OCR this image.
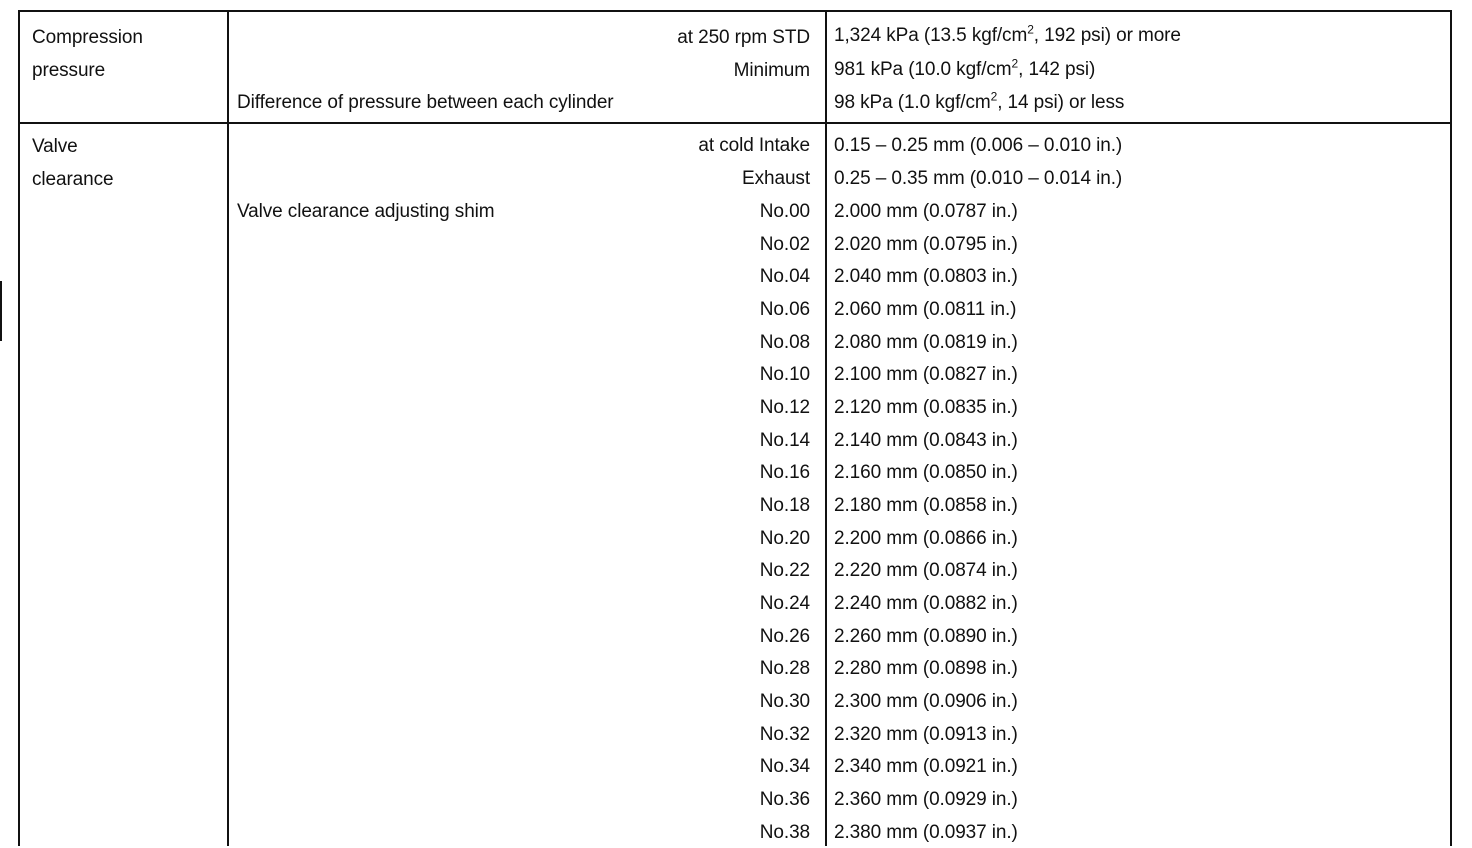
Compression
pressure
at 250 rpm STD
Minimum
Difference of pressure between each cylinder
1,324 kPa (13.5 kgf/$cm^2$, 192 psi) or more
981 kPa (10.0 kgf/$cm^2$, 142 psi)
98 kPa (1.0 kgf/$cm^2$, 14 psi) or less
Valve
clearance
at cold Intake
Exhaust
0.15 – 0.25 mm (0.006 – 0.010 in.)
0.25 – 0.35 mm (0.010 – 0.014 in.)
Valve clearance adjusting shim	No.00 2.000 mm (0.0787 in.)
No.02 2.020 mm (0.0795 in.)
No.04 2.040 mm (0.0803 in.)
No.06 2.060 mm (0.0811 in.)
No.08 2.080 mm (0.0819 in.)
No.10 2.100 mm (0.0827 in.)
No.12 2.120 mm (0.0835 in.)
No.14 2.140 mm (0.0843 in.)
No.16 2.160 mm (0.0850 in.)
No.18 2.180 mm (0.0858 in.)
No.20 2.200 mm (0.0866 in.)
No.22 2.220 mm (0.0874 in.)
No.24 2.240 mm (0.0882 in.)
No.26 2.260 mm (0.0890 in.)
No.28 2.280 mm (0.0898 in.)
No.30 2.300 mm (0.0906 in.)
No.32 2.320 mm (0.0913 in.)
No.34 2.340 mm (0.0921 in.)
No.36 2.360 mm (0.0929 in.)
No.38 2.380 mm (0.0937 in.)
